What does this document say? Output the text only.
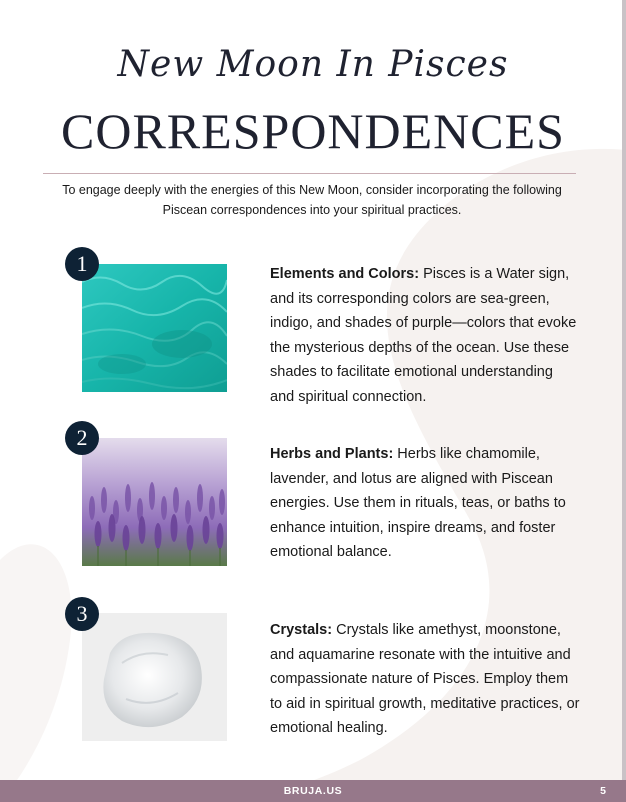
New Moon In Pisces
CORRESPONDENCES
To engage deeply with the energies of this New Moon, consider incorporating the following Piscean correspondences into your spiritual practices.
1	Elements and Colors: Pisces is a Water sign, and its corresponding colors are sea-green, indigo, and shades of purple—colors that evoke the mysterious depths of the ocean. Use these shades to facilitate emotional understanding and spiritual connection.
2
Herbs and Plants: Herbs like chamomile, lavender, and lotus are aligned with Piscean energies. Use them in rituals, teas, or baths to enhance intuition, inspire dreams, and foster emotional balance.
3
Crystals: Crystals like amethyst, moonstone, and aquamarine resonate with the intuitive and compassionate nature of Pisces. Employ them to aid in spiritual growth, meditative practices, or emotional healing.
BRUJA.US	5
